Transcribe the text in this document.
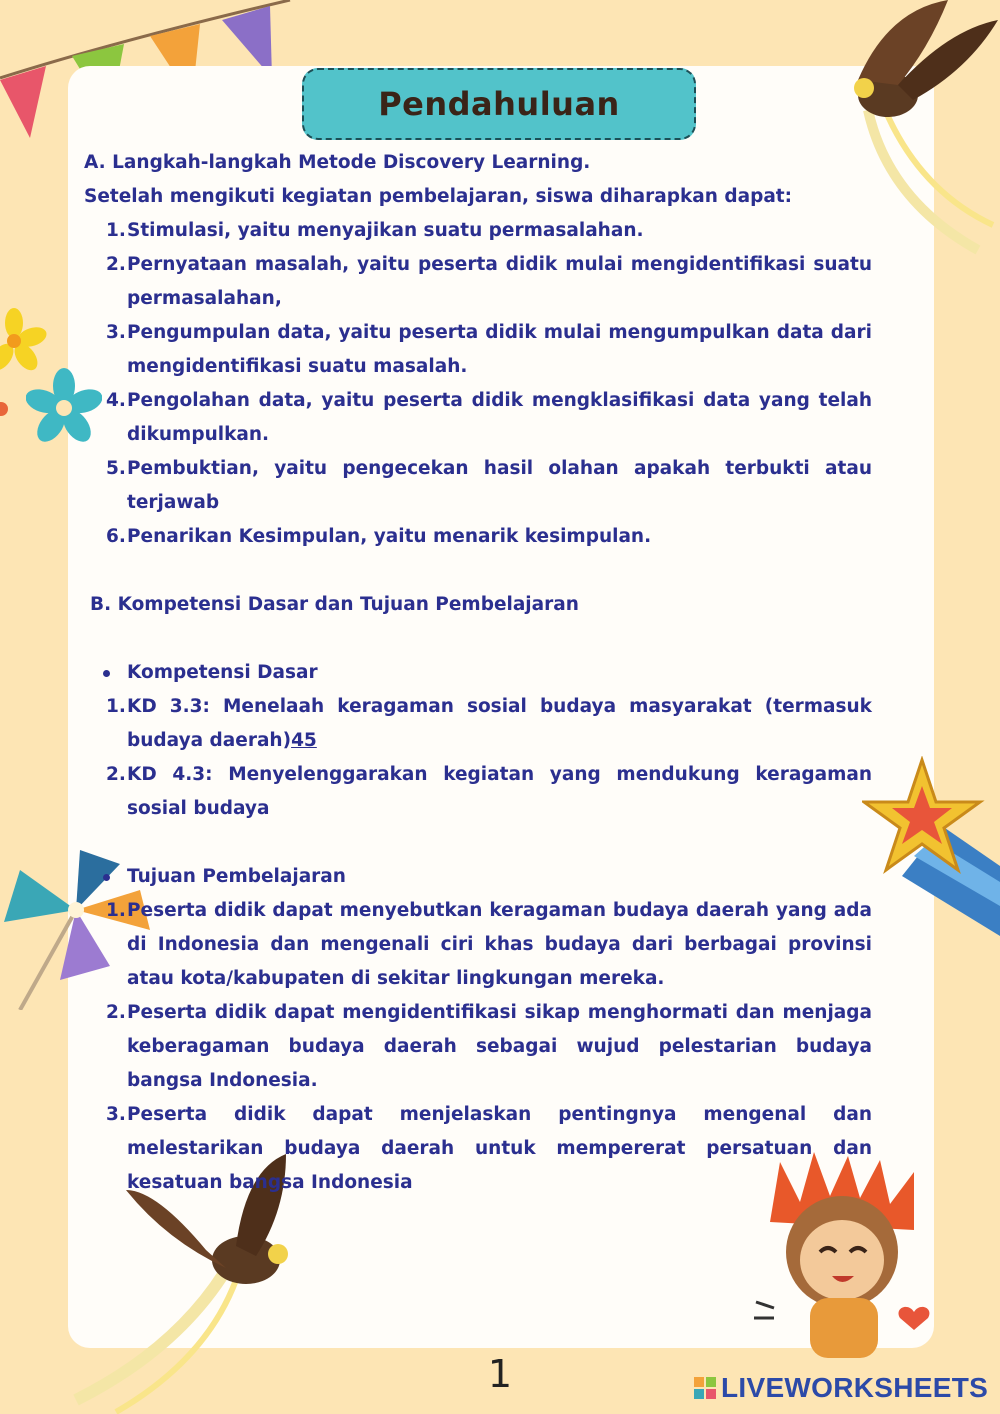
Pendahuluan

A. Langkah-langkah Metode Discovery Learning.

Setelah mengikuti kegiatan pembelajaran, siswa diharapkan dapat:

1. Stimulasi, yaitu menyajikan suatu permasalahan.
2. Pernyataan masalah, yaitu peserta didik mulai mengidentifikasi suatu permasalahan,
3. Pengumpulan data, yaitu peserta didik mulai mengumpulkan data dari mengidentifikasi suatu masalah.
4. Pengolahan data, yaitu peserta didik mengklasifikasi data yang telah dikumpulkan.
5. Pembuktian, yaitu pengecekan hasil olahan apakah terbukti atau terjawab
6. Penarikan Kesimpulan, yaitu menarik kesimpulan.

B. Kompetensi Dasar dan Tujuan Pembelajaran

Kompetensi Dasar
1. KD 3.3: Menelaah keragaman sosial budaya masyarakat (termasuk budaya daerah)45
2. KD 4.3: Menyelenggarakan kegiatan yang mendukung keragaman sosial budaya
Tujuan Pembelajaran
1. Peserta didik dapat menyebutkan keragaman budaya daerah yang ada di Indonesia dan mengenali ciri khas budaya dari berbagai provinsi atau kota/kabupaten di sekitar lingkungan mereka.
2. Peserta didik dapat mengidentifikasi sikap menghormati dan menjaga keberagaman budaya daerah sebagai wujud pelestarian budaya bangsa Indonesia.
3. Peserta didik dapat menjelaskan pentingnya mengenal dan melestarikan budaya daerah untuk mempererat persatuan dan kesatuan bangsa Indonesia
1	LIVEWORKSHEETS
